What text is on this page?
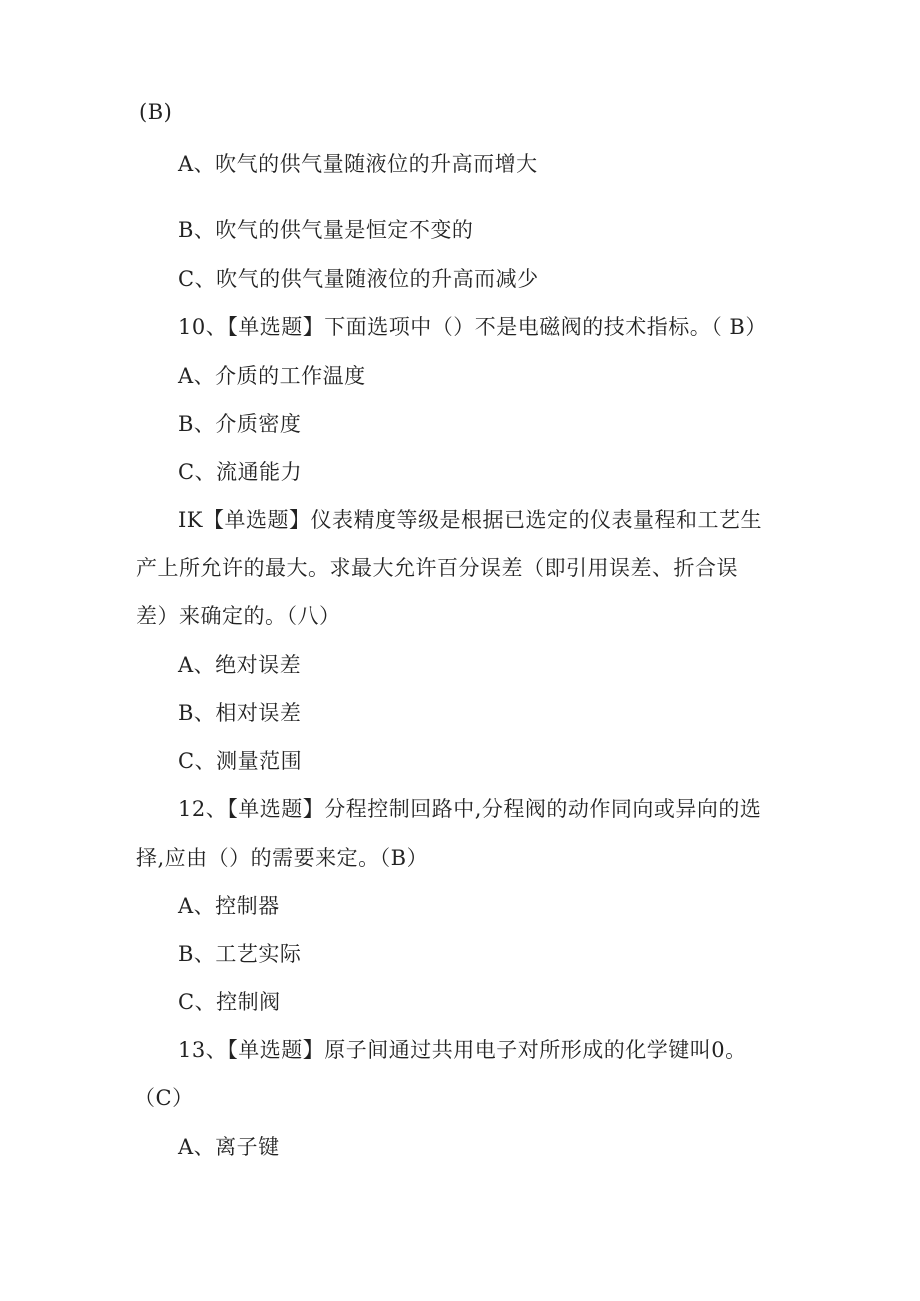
(B)
A、吹气的供气量随液位的升高而增大
B、吹气的供气量是恒定不变的
C、吹气的供气量随液位的升高而减少
10、【单选题】下面选项中（）不是电磁阀的技术指标。（ B）
A、介质的工作温度
B、介质密度
C、流通能力
IK【单选题】仪表精度等级是根据已选定的仪表量程和工艺生
产上所允许的最大。求最大允许百分误差（即引用误差、折合误
差）来确定的。（八）
A、绝对误差
B、相对误差
C、测量范围
12、【单选题】分程控制回路中,分程阀的动作同向或异向的选
择,应由（）的需要来定。（B）
A、控制器
B、工艺实际
C、控制阀
13、【单选题】原子间通过共用电子对所形成的化学键叫0。
（C）
A、离子键
